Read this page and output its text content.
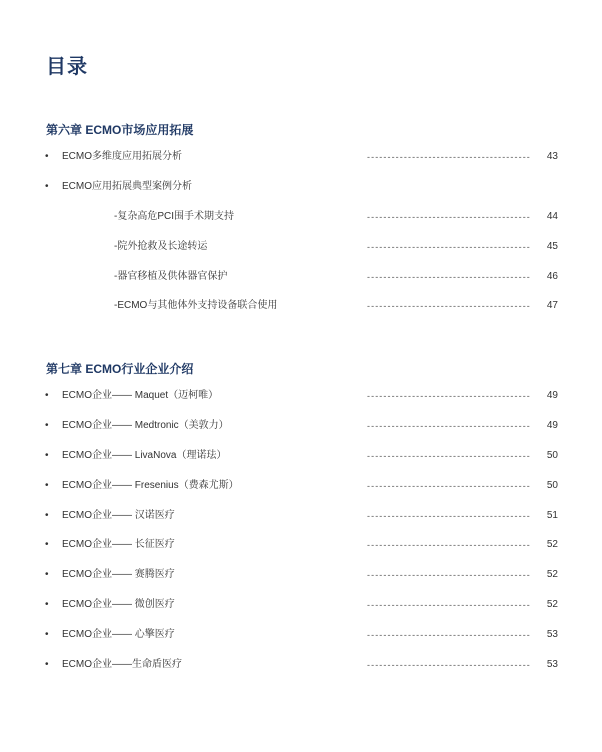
目录
第六章 ECMO市场应用拓展
• ECMO多维度应用拓展分析	----------------------------------------	43
• ECMO应用拓展典型案例分析
-复杂高危PCI围手术期支持	----------------------------------------	44
-院外抢救及长途转运	----------------------------------------	45
-器官移植及供体器官保护	----------------------------------------	46
-ECMO与其他体外支持设备联合使用	----------------------------------------	47
第七章 ECMO行业企业介绍
• ECMO企业—— Maquet（迈柯唯）	----------------------------------------	49
• ECMO企业—— Medtronic（美敦力）	----------------------------------------	49
• ECMO企业—— LivaNova（理诺珐）	----------------------------------------	50
• ECMO企业—— Fresenius（费森尤斯）	----------------------------------------	50
• ECMO企业—— 汉诺医疗	----------------------------------------	51
• ECMO企业—— 长征医疗	----------------------------------------	52
• ECMO企业—— 赛腾医疗	----------------------------------------	52
• ECMO企业—— 微创医疗	----------------------------------------	52
• ECMO企业—— 心擎医疗	----------------------------------------	53
• ECMO企业——生命盾医疗	----------------------------------------	53
